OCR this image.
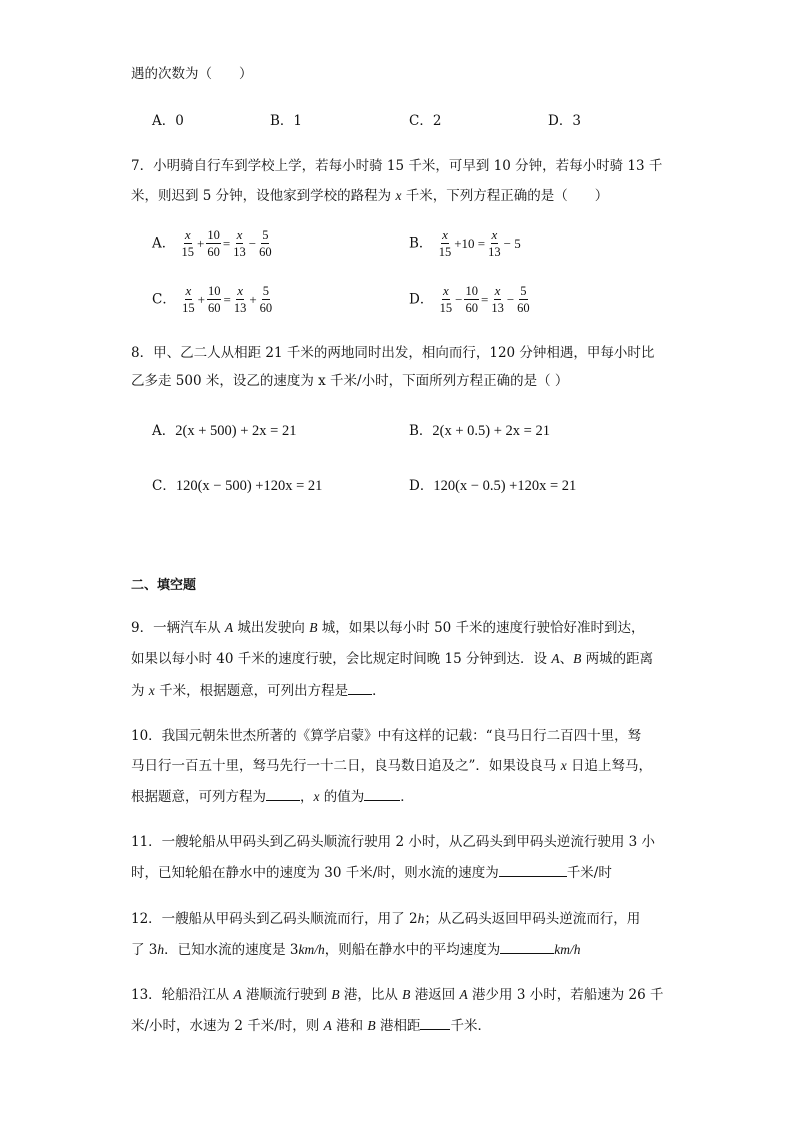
遇的次数为（　　）
A．0	B．1	C．2	D．3
7．小明骑自行车到学校上学，若每小时骑 15 千米，可早到 10 分钟，若每小时骑 13 千
米，则迟到 5 分钟，设他家到学校的路程为 x 千米，下列方程正确的是（　　）
A． $\frac{x}{15} + \frac{10}{60} = \frac{x}{13} - \frac{5}{60}$	B． $\frac{x}{15} +10 = \frac{x}{13} - 5$
C． $\frac{x}{15} + \frac{10}{60} = \frac{x}{13} + \frac{5}{60}$	D． $\frac{x}{15} - \frac{10}{60} = \frac{x}{13} - \frac{5}{60}$
8．甲、乙二人从相距 21 千米的两地同时出发，相向而行，120 分钟相遇，甲每小时比
乙多走 500 米，设乙的速度为 x 千米/小时，下面所列方程正确的是（ ）
A．2(x + 500) + 2x = 21	B．2(x + 0.5) + 2x = 21
C．120(x − 500) +120x = 21	D．120(x − 0.5) +120x = 21
二、填空题
9．一辆汽车从 A 城出发驶向 B 城，如果以每小时 50 千米的速度行驶恰好准时到达，
如果以每小时 40 千米的速度行驶，会比规定时间晚 15 分钟到达．设 A、B 两城的距离
为 x 千米，根据题意，可列出方程是 ．
10．我国元朝朱世杰所著的《算学启蒙》中有这样的记载：“良马日行二百四十里，驽
马日行一百五十里，驽马先行一十二日，良马数日追及之”．如果设良马 x 日追上驽马，
根据题意，可列方程为	，x 的值为	．
11．一艘轮船从甲码头到乙码头顺流行驶用 2 小时，从乙码头到甲码头逆流行驶用 3 小
时，已知轮船在静水中的速度为 30 千米/时，则水流的速度为	千米/时
12．一艘船从甲码头到乙码头顺流而行，用了 2h；从乙码头返回甲码头逆流而行，用
了 3h．已知水流的速度是 3km/h，则船在静水中的平均速度为	km/h
13．轮船沿江从 A 港顺流行驶到 B 港，比从 B 港返回 A 港少用 3 小时，若船速为 26 千
米/小时，水速为 2 千米/时，则 A 港和 B 港相距 千米．
